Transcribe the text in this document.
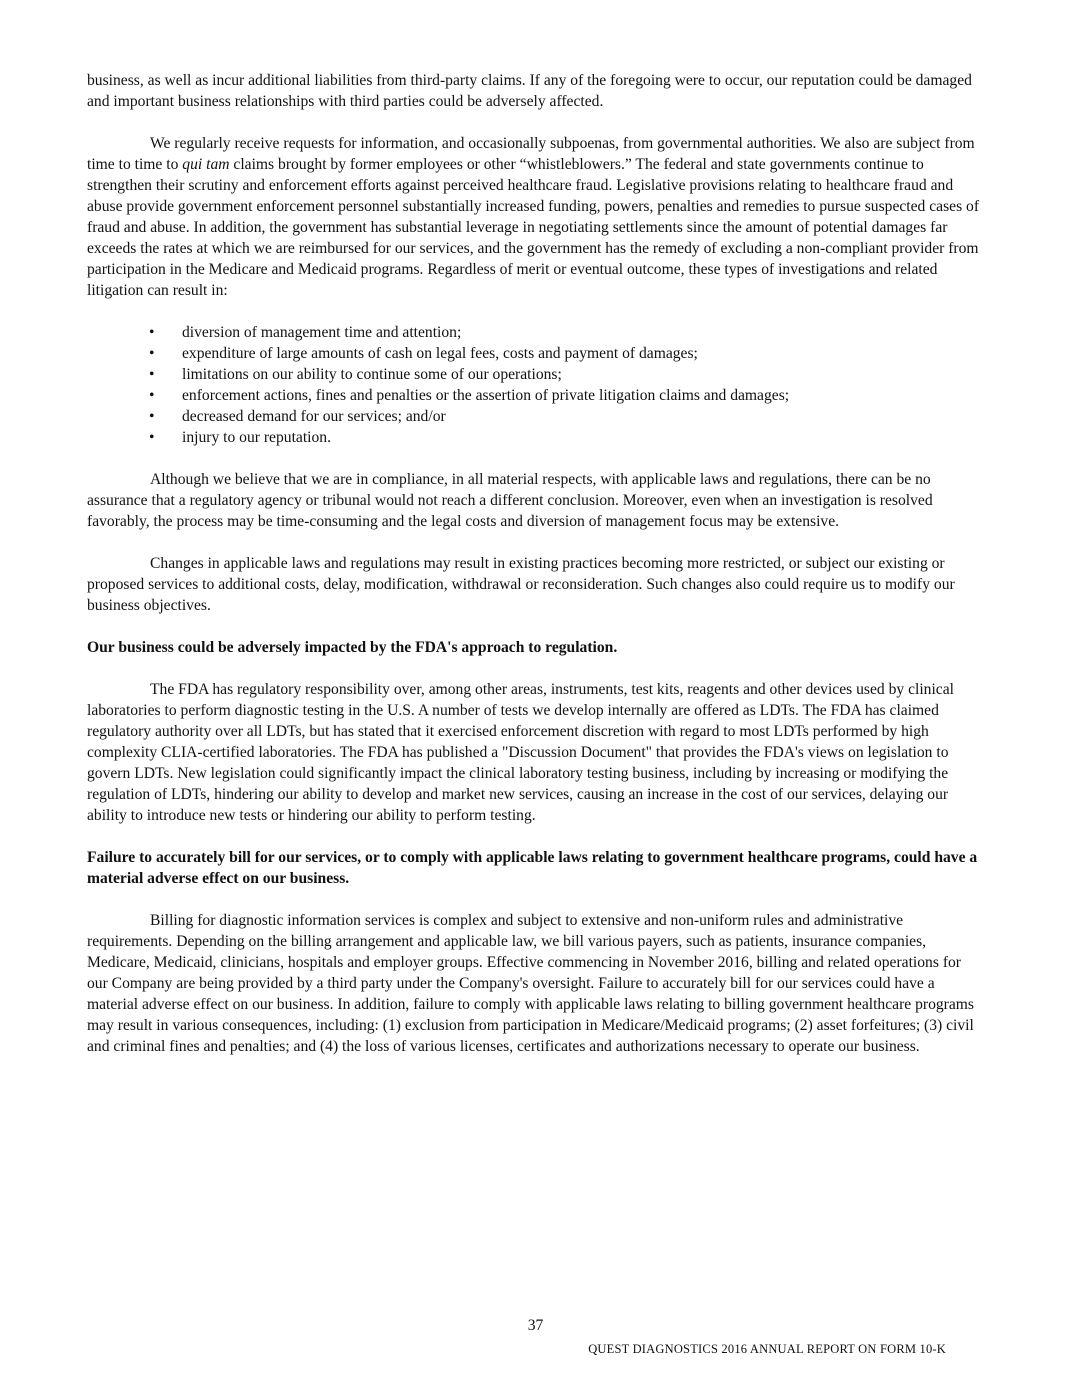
business, as well as incur additional liabilities from third-party claims. If any of the foregoing were to occur, our reputation could be damaged and important business relationships with third parties could be adversely affected.

We regularly receive requests for information, and occasionally subpoenas, from governmental authorities. We also are subject from time to time to qui tam claims brought by former employees or other “whistleblowers.” The federal and state governments continue to strengthen their scrutiny and enforcement efforts against perceived healthcare fraud. Legislative provisions relating to healthcare fraud and abuse provide government enforcement personnel substantially increased funding, powers, penalties and remedies to pursue suspected cases of fraud and abuse. In addition, the government has substantial leverage in negotiating settlements since the amount of potential damages far exceeds the rates at which we are reimbursed for our services, and the government has the remedy of excluding a non-compliant provider from participation in the Medicare and Medicaid programs. Regardless of merit or eventual outcome, these types of investigations and related litigation can result in:

• diversion of management time and attention;
• expenditure of large amounts of cash on legal fees, costs and payment of damages;
• limitations on our ability to continue some of our operations;
• enforcement actions, fines and penalties or the assertion of private litigation claims and damages;
• decreased demand for our services; and/or
• injury to our reputation.

Although we believe that we are in compliance, in all material respects, with applicable laws and regulations, there can be no assurance that a regulatory agency or tribunal would not reach a different conclusion. Moreover, even when an investigation is resolved favorably, the process may be time-consuming and the legal costs and diversion of management focus may be extensive.

Changes in applicable laws and regulations may result in existing practices becoming more restricted, or subject our existing or proposed services to additional costs, delay, modification, withdrawal or reconsideration. Such changes also could require us to modify our business objectives.

Our business could be adversely impacted by the FDA's approach to regulation.

The FDA has regulatory responsibility over, among other areas, instruments, test kits, reagents and other devices used by clinical laboratories to perform diagnostic testing in the U.S. A number of tests we develop internally are offered as LDTs. The FDA has claimed regulatory authority over all LDTs, but has stated that it exercised enforcement discretion with regard to most LDTs performed by high complexity CLIA-certified laboratories. The FDA has published a "Discussion Document" that provides the FDA's views on legislation to govern LDTs. New legislation could significantly impact the clinical laboratory testing business, including by increasing or modifying the regulation of LDTs, hindering our ability to develop and market new services, causing an increase in the cost of our services, delaying our ability to introduce new tests or hindering our ability to perform testing.

Failure to accurately bill for our services, or to comply with applicable laws relating to government healthcare programs, could have a material adverse effect on our business.

Billing for diagnostic information services is complex and subject to extensive and non-uniform rules and administrative requirements. Depending on the billing arrangement and applicable law, we bill various payers, such as patients, insurance companies, Medicare, Medicaid, clinicians, hospitals and employer groups. Effective commencing in November 2016, billing and related operations for our Company are being provided by a third party under the Company's oversight. Failure to accurately bill for our services could have a material adverse effect on our business. In addition, failure to comply with applicable laws relating to billing government healthcare programs may result in various consequences, including: (1) exclusion from participation in Medicare/Medicaid programs; (2) asset forfeitures; (3) civil and criminal fines and penalties; and (4) the loss of various licenses, certificates and authorizations necessary to operate our business.

37
QUEST DIAGNOSTICS 2016 ANNUAL REPORT ON FORM 10-K
